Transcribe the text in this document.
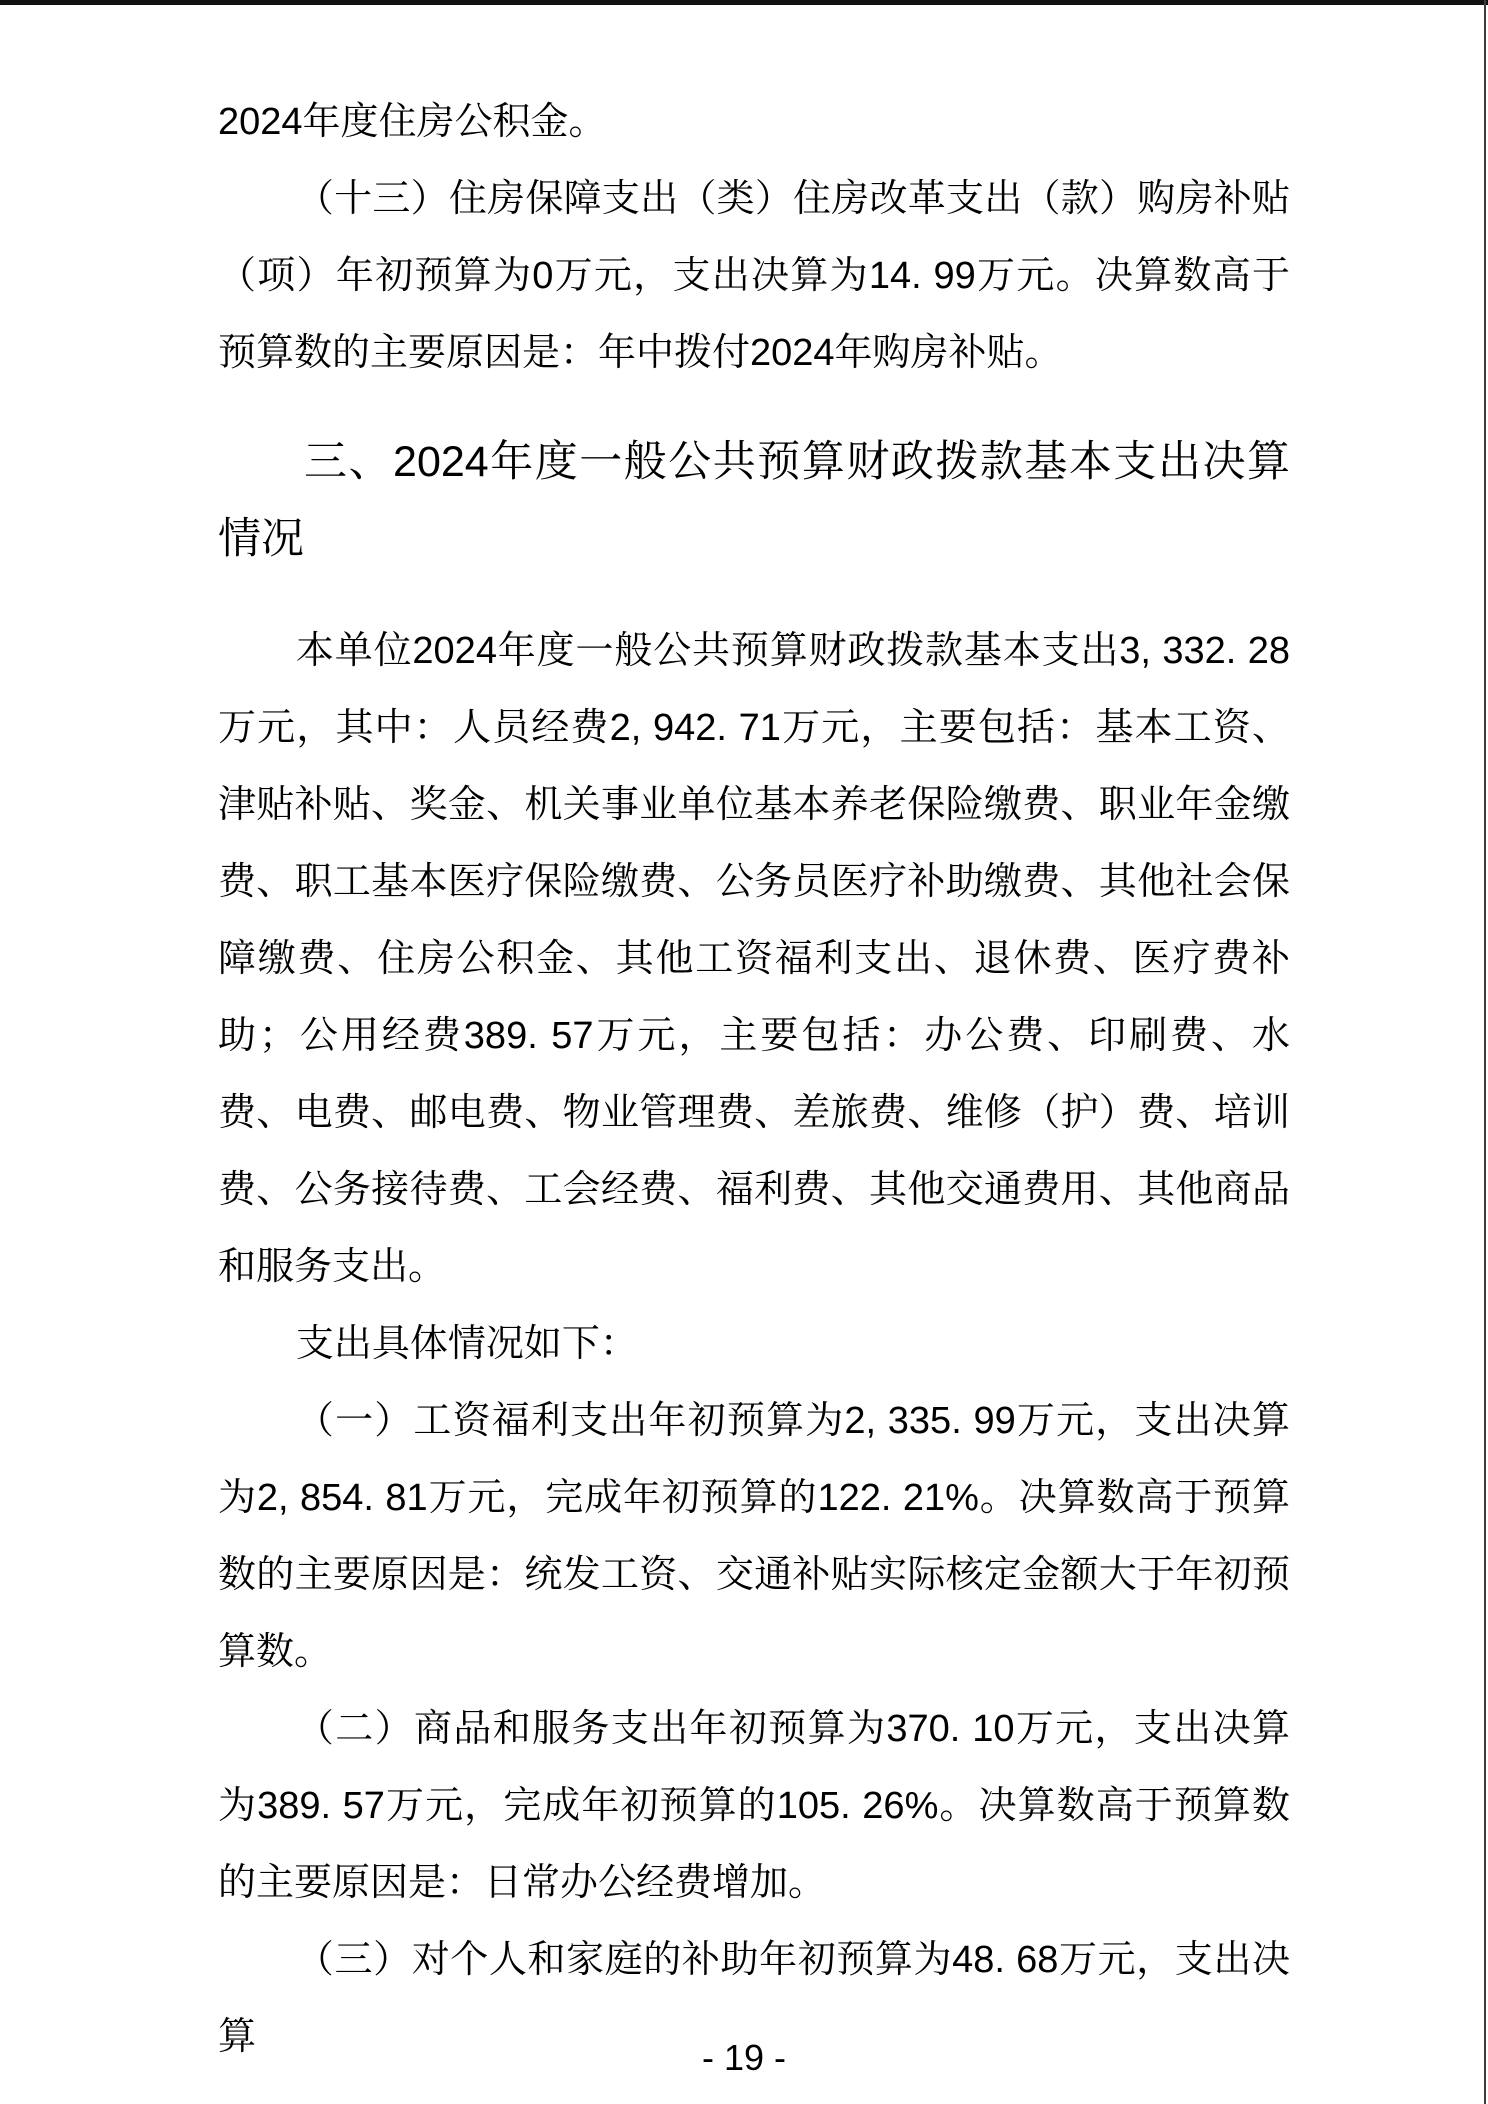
2024年度住房公积金。

（十三）住房保障支出（类）住房改革支出（款）购房补贴（项）年初预算为0万元，支出决算为14. 99万元。决算数高于预算数的主要原因是：年中拨付2024年购房补贴。

三、2024年度一般公共预算财政拨款基本支出决算情况

本单位2024年度一般公共预算财政拨款基本支出3, 332. 28万元，其中：人员经费2, 942. 71万元，主要包括：基本工资、津贴补贴、奖金、机关事业单位基本养老保险缴费、职业年金缴费、职工基本医疗保险缴费、公务员医疗补助缴费、其他社会保障缴费、住房公积金、其他工资福利支出、退休费、医疗费补助；公用经费389. 57万元，主要包括：办公费、印刷费、水费、电费、邮电费、物业管理费、差旅费、维修（护）费、培训费、公务接待费、工会经费、福利费、其他交通费用、其他商品和服务支出。

支出具体情况如下：

（一）工资福利支出年初预算为2, 335. 99万元，支出决算为2, 854. 81万元，完成年初预算的122. 21%。决算数高于预算数的主要原因是：统发工资、交通补贴实际核定金额大于年初预算数。

（二）商品和服务支出年初预算为370. 10万元，支出决算为389. 57万元，完成年初预算的105. 26%。决算数高于预算数的主要原因是：日常办公经费增加。

（三）对个人和家庭的补助年初预算为48. 68万元，支出决算	- 19 -
